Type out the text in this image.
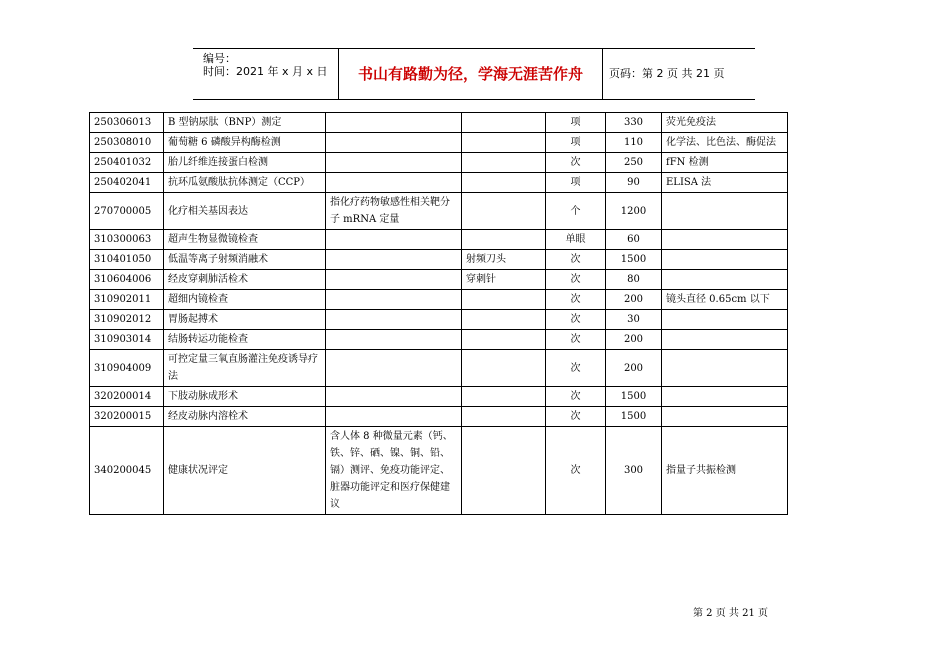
编号：
时间：2021 年 x 月 x 日	书山有路勤为径，学海无涯苦作舟	页码：第 2 页 共 21 页
250306013	B 型钠尿肽（BNP）测定			项	330	荧光免疫法
250308010	葡萄糖 6 磷酸异构酶检测			项	110	化学法、比色法、酶促法
250401032	胎儿纤维连接蛋白检测			次	250	fFN 检测
250402041	抗环瓜氨酸肽抗体测定（CCP）			项	90	ELISA 法
270700005	化疗相关基因表达	指化疗药物敏感性相关靶分子 mRNA 定量		个	1200	
310300063	超声生物显微镜检查			单眼	60	
310401050	低温等离子射频消融术		射频刀头	次	1500	
310604006	经皮穿刺肺活检术		穿刺针	次	80	
310902011	超细内镜检查			次	200	镜头直径 0.65cm 以下
310902012	胃肠起搏术			次	30	
310903014	结肠转运功能检查			次	200	
310904009	可控定量三氧直肠灌注免疫诱导疗法			次	200	
320200014	下肢动脉成形术			次	1500	
320200015	经皮动脉内溶栓术			次	1500	
340200045	健康状况评定	含人体 8 种微量元素（钙、铁、锌、硒、镍、铜、铅、镉）测评、免疫功能评定、脏器功能评定和医疗保健建议		次	300	指量子共振检测
第 2 页 共 21 页
